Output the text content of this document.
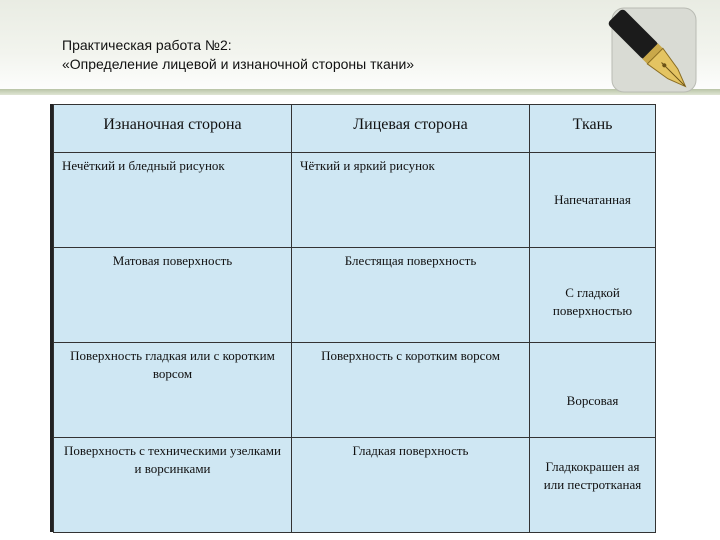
Практическая работа №2:
«Определение лицевой и изнаночной стороны ткани»
Изнаночная сторона	Лицевая сторона	Ткань
Нечёткий и бледный рисунок	Чёткий и яркий рисунок	Напечатанная
Матовая поверхность	Блестящая поверхность	С гладкой поверхностью
Поверхность гладкая или с коротким ворсом	Поверхность с коротким ворсом	Ворсовая
Поверхность с техническими узелками и ворсинками	Гладкая поверхность	Гладкокрашен ая или пестротканая
